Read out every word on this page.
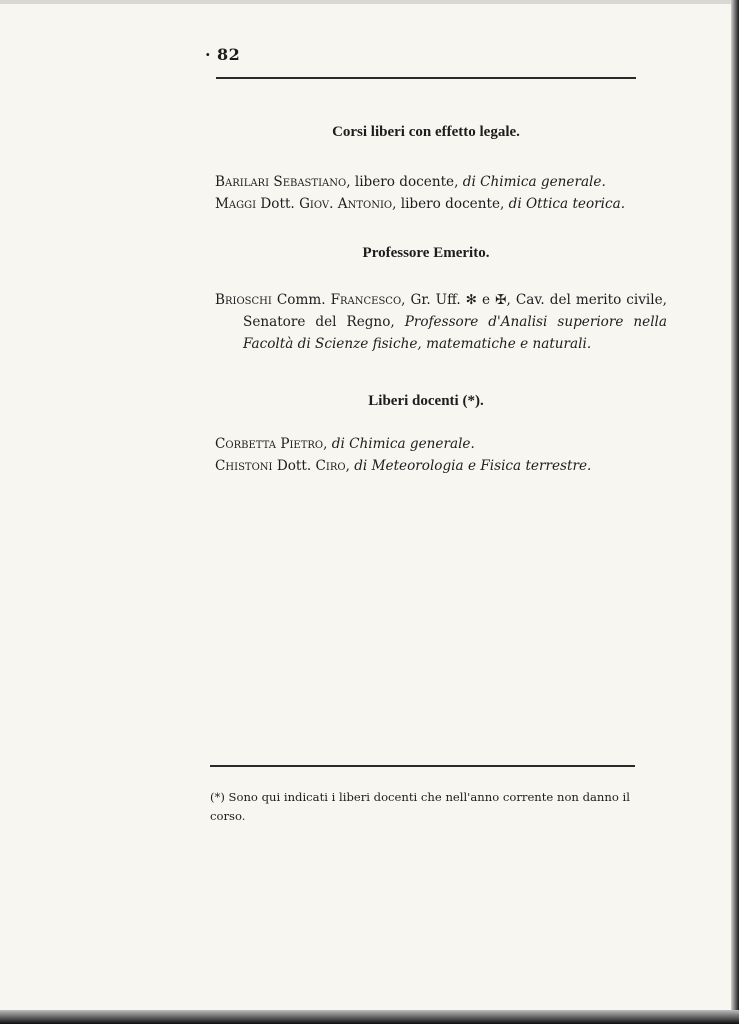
· 82
Corsi liberi con effetto legale.
Barilari Sebastiano, libero docente, di Chimica generale.
Maggi Dott. Giov. Antonio, libero docente, di Ottica teorica.
Professore Emerito.
Brioschi Comm. Francesco, Gr. Uff. ✻ e ✠, Cav. del merito civile, Senatore del Regno, Professore d'Analisi superiore nella Facoltà di Scienze fisiche, matematiche e naturali.
Liberi docenti (*).
Corbetta Pietro, di Chimica generale.
Chistoni Dott. Ciro, di Meteorologia e Fisica terrestre.
(*) Sono qui indicati i liberi docenti che nell'anno corrente non danno il corso.
